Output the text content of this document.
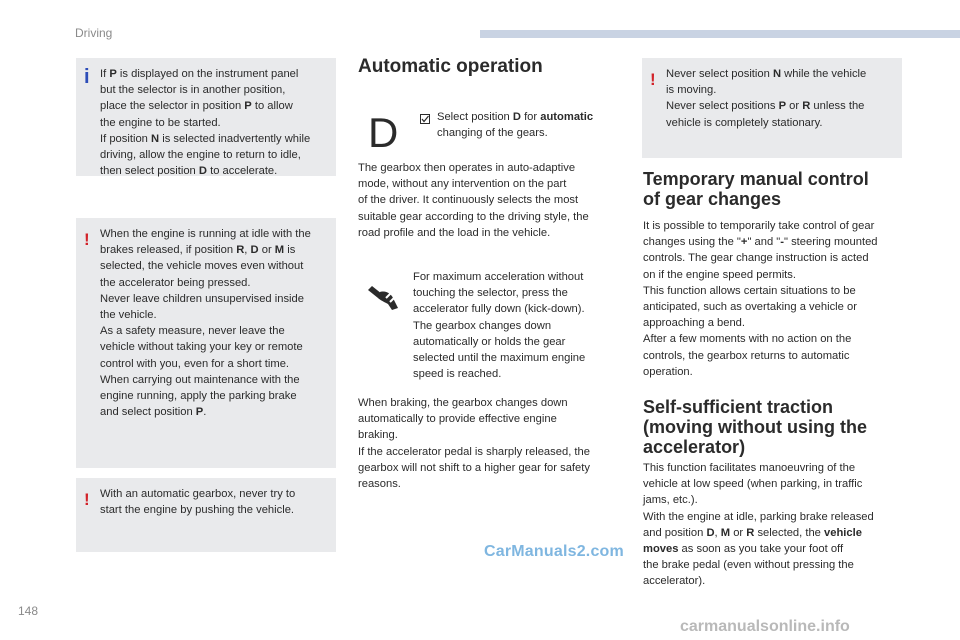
Driving
i If P is displayed on the instrument panel
but the selector is in another position,
place the selector in position P to allow
the engine to be started.
If position N is selected inadvertently while
driving, allow the engine to return to idle,
then select position D to accelerate.
! When the engine is running at idle with the
brakes released, if position R, D or M is
selected, the vehicle moves even without
the accelerator being pressed.
Never leave children unsupervised inside
the vehicle.
As a safety measure, never leave the
vehicle without taking your key or remote
control with you, even for a short time.
When carrying out maintenance with the
engine running, apply the parking brake
and select position P.
! With an automatic gearbox, never try to
start the engine by pushing the vehicle.
Automatic operation
D	Select position D for automatic
changing of the gears.
The gearbox then operates in auto-adaptive
mode, without any intervention on the part
of the driver. It continuously selects the most
suitable gear according to the driving style, the
road profile and the load in the vehicle.
For maximum acceleration without
touching the selector, press the
accelerator fully down (kick-down).
The gearbox changes down
automatically or holds the gear
selected until the maximum engine
speed is reached.
When braking, the gearbox changes down
automatically to provide effective engine
braking.
If the accelerator pedal is sharply released, the
gearbox will not shift to a higher gear for safety
reasons.
! Never select position N while the vehicle
is moving.
Never select positions P or R unless the
vehicle is completely stationary.
Temporary manual control
of gear changes
It is possible to temporarily take control of gear
changes using the "+" and "-" steering mounted
controls. The gear change instruction is acted
on if the engine speed permits.
This function allows certain situations to be
anticipated, such as overtaking a vehicle or
approaching a bend.
After a few moments with no action on the
controls, the gearbox returns to automatic
operation.
Self-sufficient traction
(moving without using the
accelerator)
This function facilitates manoeuvring of the
vehicle at low speed (when parking, in traffic
jams, etc.).
With the engine at idle, parking brake released
and position D, M or R selected, the vehicle
moves as soon as you take your foot off
the brake pedal (even without pressing the
accelerator).
CarManuals2.com
148
carmanualsonline.info
